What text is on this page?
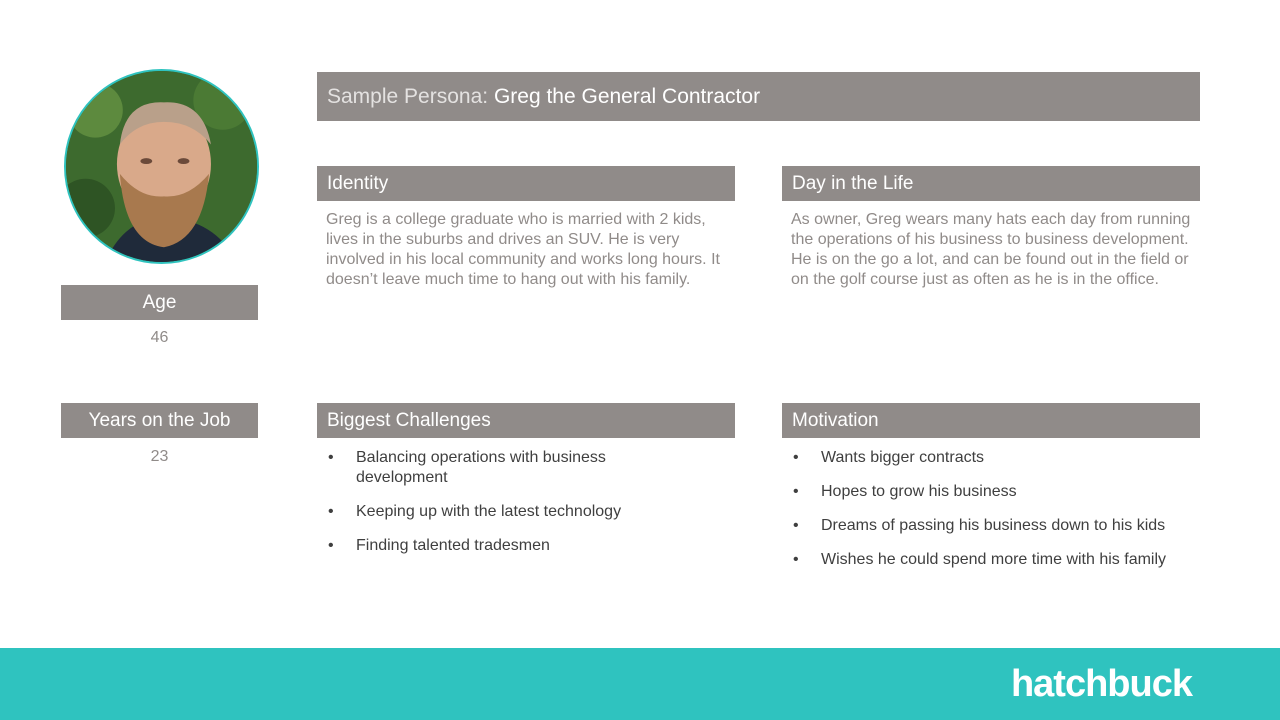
Sample Persona: Greg the General Contractor
Age
46
Years on the Job
23
Identity

Greg is a college graduate who is married with 2 kids, lives in the suburbs and drives an SUV. He is very involved in his local community and works long hours. It doesn’t leave much time to hang out with his family.

Day in the Life

As owner, Greg wears many hats each day from running the operations of his business to business development. He is on the go a lot, and can be found out in the field or on the golf course just as often as he is in the office.

Biggest Challenges
• Balancing operations with business development
• Keeping up with the latest technology
• Finding talented tradesmen
Motivation
• Wants bigger contracts
• Hopes to grow his business
• Dreams of passing his business down to his kids
• Wishes he could spend more time with his family
hatchbuck
